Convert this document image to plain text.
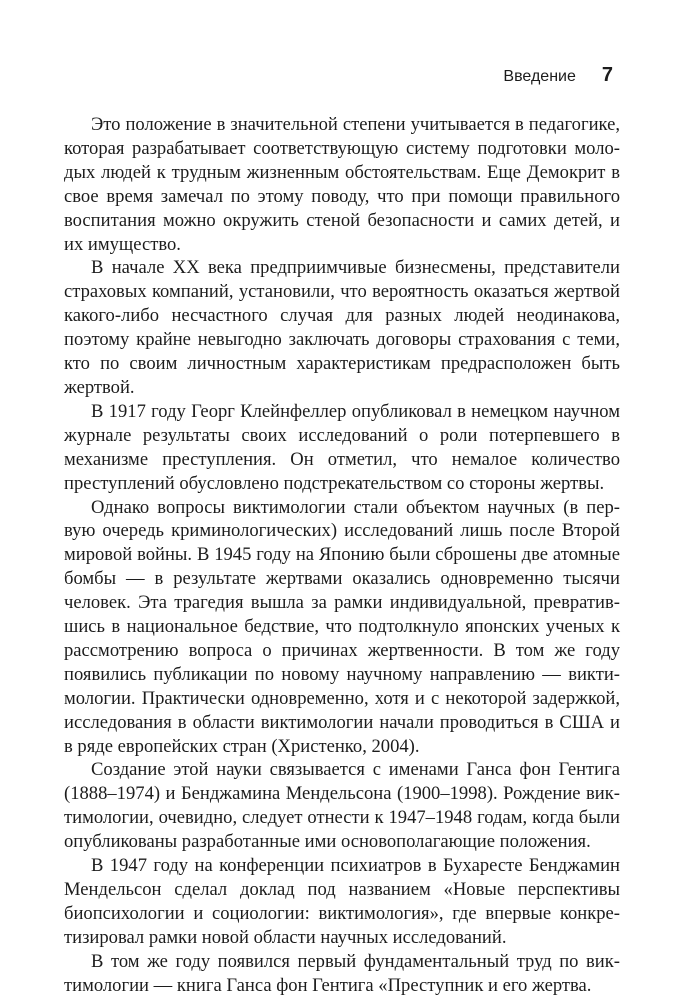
Введение 7

Это положение в значительной степени учитывается в педагогике, которая разрабатывает соответствующую систему подготовки молодых людей к трудным жизненным обстоятельствам. Еще Демокрит в свое время замечал по этому поводу, что при помощи правильного воспитания можно окружить стеной безопасности и самих детей, и их имущество.

В начале XX века предприимчивые бизнесмены, представители страховых компаний, установили, что вероятность оказаться жертвой какого-либо несчастного случая для разных людей неодинакова, поэтому крайне невыгодно заключать договоры страхования с теми, кто по своим личностным характеристикам предрасположен быть жертвой.

В 1917 году Георг Клейнфеллер опубликовал в немецком научном журнале результаты своих исследований о роли потерпевшего в механизме преступления. Он отметил, что немалое количество преступлений обусловлено подстрекательством со стороны жертвы.

Однако вопросы виктимологии стали объектом научных (в первую очередь криминологических) исследований лишь после Второй мировой войны. В 1945 году на Японию были сброшены две атомные бомбы — в результате жертвами оказались одновременно тысячи человек. Эта трагедия вышла за рамки индивидуальной, превратившись в национальное бедствие, что подтолкнуло японских ученых к рассмотрению вопроса о причинах жертвенности. В том же году появились публикации по новому научному направлению — виктимологии. Практически одновременно, хотя и с некоторой задержкой, исследования в области виктимологии начали проводиться в США и в ряде европейских стран (Христенко, 2004).

Создание этой науки связывается с именами Ганса фон Гентига (1888–1974) и Бенджамина Мендельсона (1900–1998). Рождение виктимологии, очевидно, следует отнести к 1947–1948 годам, когда были опубликованы разработанные ими основополагающие положения.

В 1947 году на конференции психиатров в Бухаресте Бенджамин Мендельсон сделал доклад под названием «Новые перспективы биопсихологии и социологии: виктимология», где впервые конкретизировал рамки новой области научных исследований.

В том же году появился первый фундаментальный труд по виктимологии — книга Ганса фон Гентига «Преступник и его жертва.
